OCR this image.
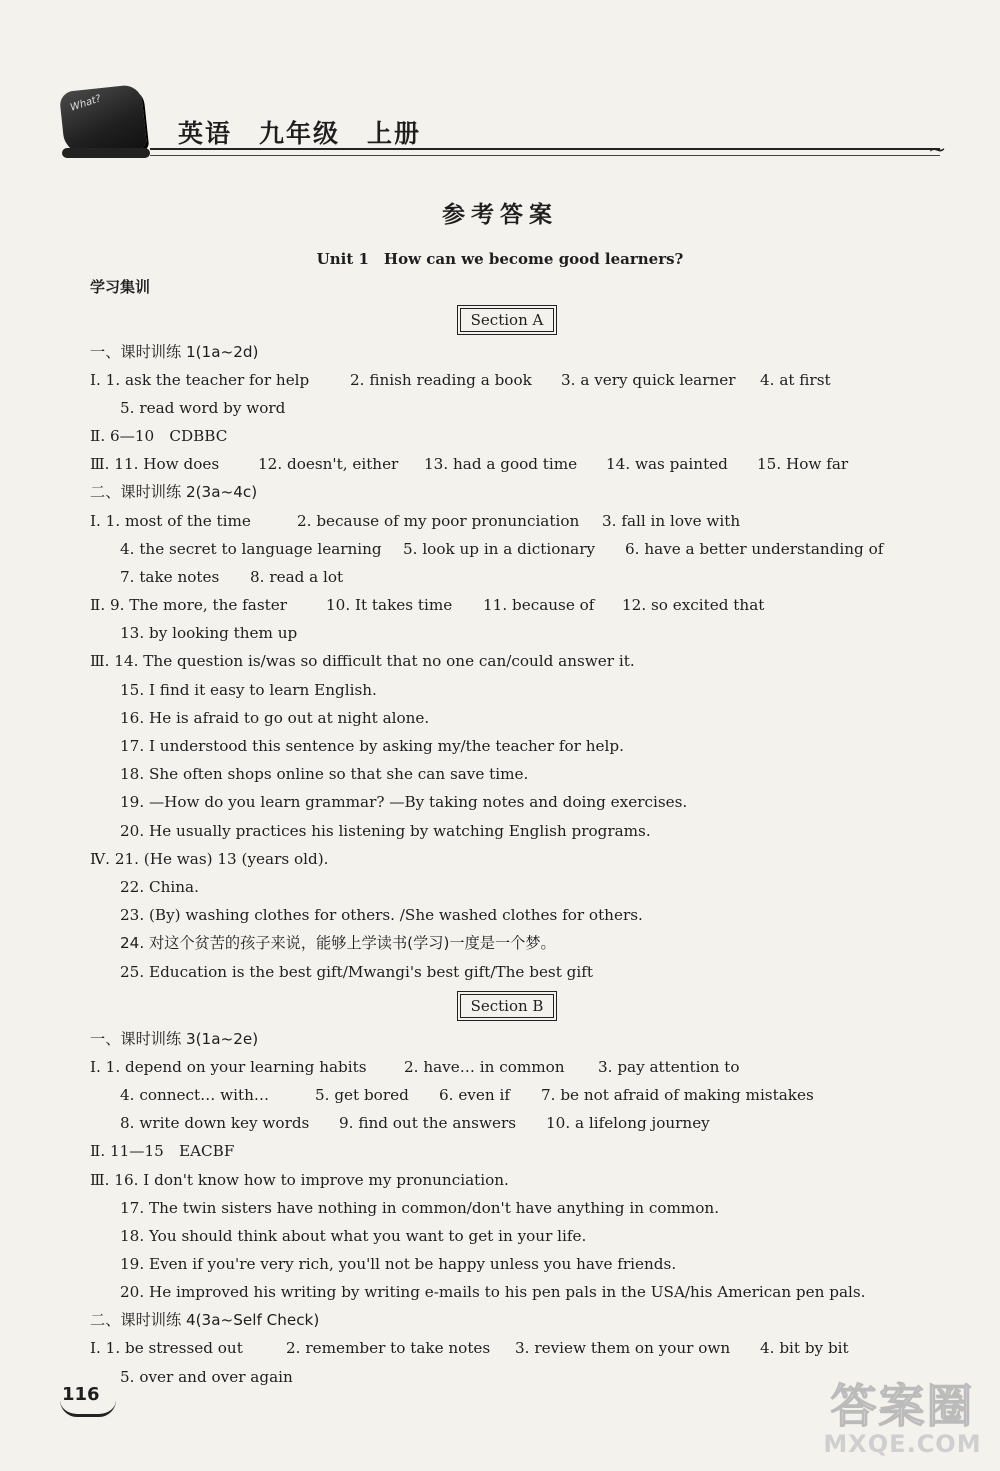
What?
英语　九年级　上册
~
参考答案
Unit 1　How can we become good learners?
学习集训
Section A
一、课时训练 1(1a~2d)
Ⅰ. 1. ask the teacher for help	2. finish reading a book 3. a very quick learner 4. at first
5. read word by word
Ⅱ. 6—10　CDBBC
Ⅲ. 11. How does	12. doesn't, either 13. had a good time 14. was painted 15. How far
二、课时训练 2(3a~4c)
Ⅰ. 1. most of the time	2. because of my poor pronunciation 3. fall in love with
4. the secret to language learning 5. look up in a dictionary 6. have a better understanding of
7. take notes 8. read a lot
Ⅱ. 9. The more, the faster	10. It takes time 11. because of 12. so excited that
13. by looking them up
Ⅲ. 14. The question is/was so difficult that no one can/could answer it.
15. I find it easy to learn English.
16. He is afraid to go out at night alone.
17. I understood this sentence by asking my/the teacher for help.
18. She often shops online so that she can save time.
19. —How do you learn grammar? —By taking notes and doing exercises.
20. He usually practices his listening by watching English programs.
Ⅳ. 21. (He was) 13 (years old).
22. China.
23. (By) washing clothes for others. /She washed clothes for others.
24. 对这个贫苦的孩子来说，能够上学读书(学习)一度是一个梦。
25. Education is the best gift/Mwangi's best gift/The best gift
Section B
一、课时训练 3(1a~2e)
Ⅰ. 1. depend on your learning habits 2. have… in common 3. pay attention to
4. connect… with…	5. get bored 6. even if 7. be not afraid of making mistakes
8. write down key words 9. find out the answers 10. a lifelong journey
Ⅱ. 11—15　EACBF
Ⅲ. 16. I don't know how to improve my pronunciation.
17. The twin sisters have nothing in common/don't have anything in common.
18. You should think about what you want to get in your life.
19. Even if you're very rich, you'll not be happy unless you have friends.
20. He improved his writing by writing e-mails to his pen pals in the USA/his American pen pals.
二、课时训练 4(3a~Self Check)
Ⅰ. 1. be stressed out	2. remember to take notes 3. review them on your own 4. bit by bit
5. over and over again
116	答案圈
MXQE.COM
